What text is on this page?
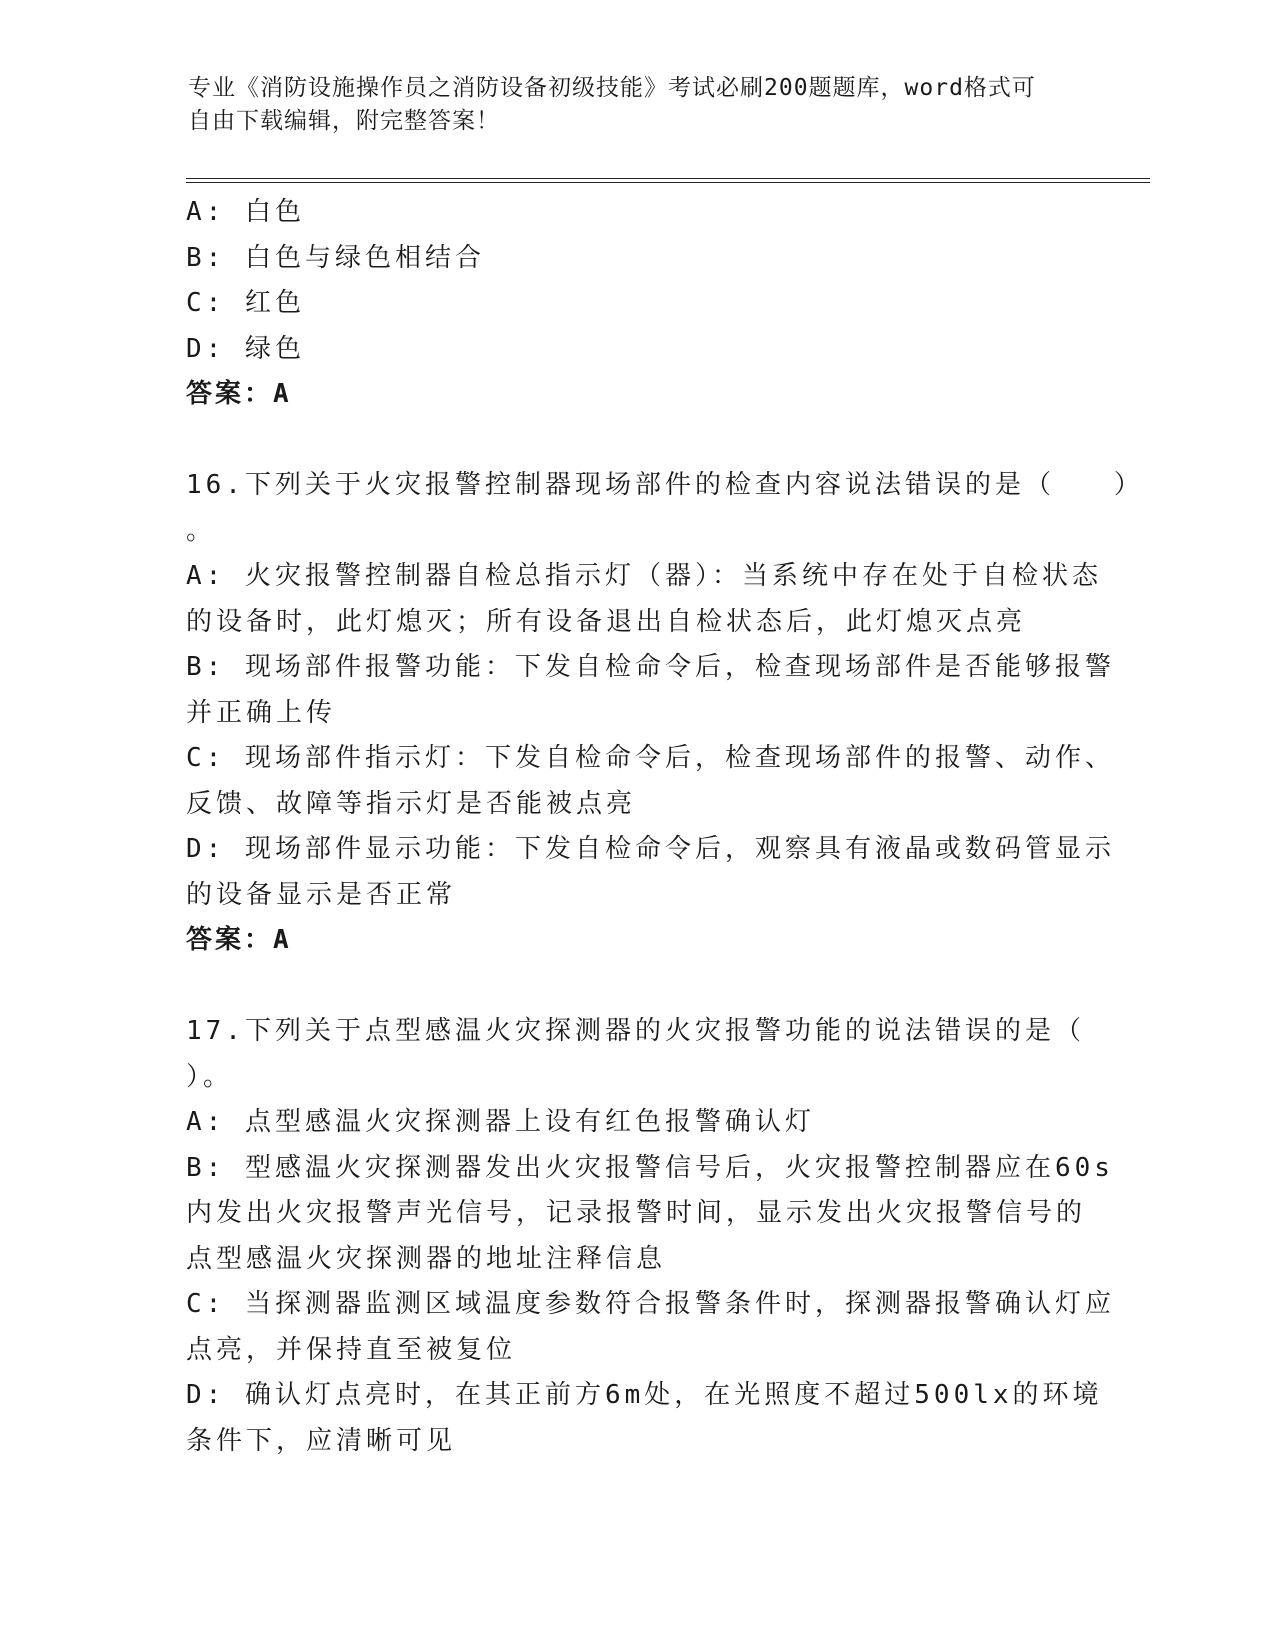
专业《消防设施操作员之消防设备初级技能》考试必刷200题题库，word格式可
自由下载编辑，附完整答案！
A: 白色
B: 白色与绿色相结合
C: 红色
D: 绿色
答案：A
16.下列关于火灾报警控制器现场部件的检查内容说法错误的是（   ）
。
A: 火灾报警控制器自检总指示灯（器）：当系统中存在处于自检状态
的设备时，此灯熄灭；所有设备退出自检状态后，此灯熄灭点亮
B: 现场部件报警功能：下发自检命令后，检查现场部件是否能够报警
并正确上传
C: 现场部件指示灯：下发自检命令后，检查现场部件的报警、动作、
反馈、故障等指示灯是否能被点亮
D: 现场部件显示功能：下发自检命令后，观察具有液晶或数码管显示
的设备显示是否正常
答案：A
17.下列关于点型感温火灾探测器的火灾报警功能的说法错误的是（
）。
A: 点型感温火灾探测器上设有红色报警确认灯
B: 型感温火灾探测器发出火灾报警信号后，火灾报警控制器应在60s
内发出火灾报警声光信号，记录报警时间，显示发出火灾报警信号的
点型感温火灾探测器的地址注释信息
C: 当探测器监测区域温度参数符合报警条件时，探测器报警确认灯应
点亮，并保持直至被复位
D: 确认灯点亮时，在其正前方6m处，在光照度不超过500lx的环境
条件下，应清晰可见
